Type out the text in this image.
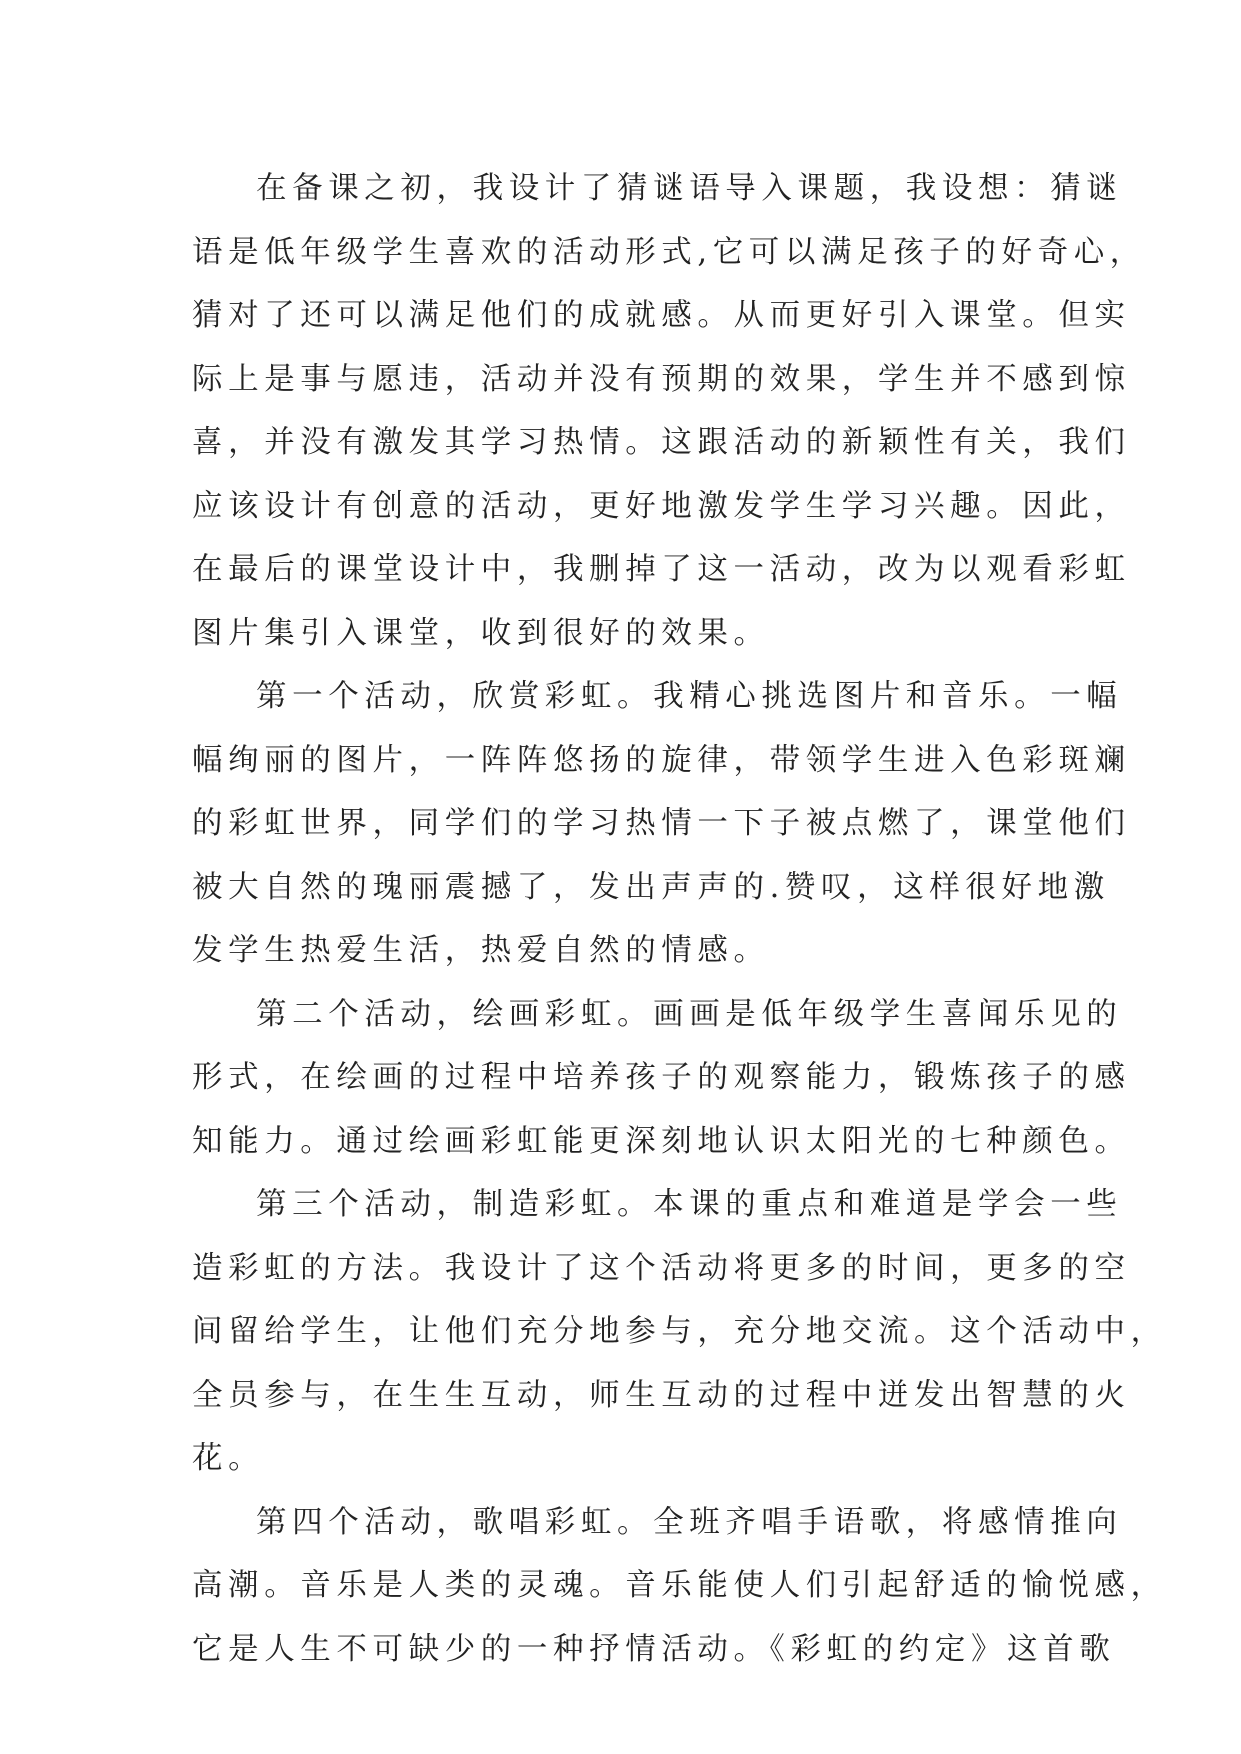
在备课之初，我设计了猜谜语导入课题，我设想：猜谜
语是低年级学生喜欢的活动形式,它可以满足孩子的好奇心，
猜对了还可以满足他们的成就感。从而更好引入课堂。但实
际上是事与愿违，活动并没有预期的效果，学生并不感到惊
喜，并没有激发其学习热情。这跟活动的新颖性有关，我们
应该设计有创意的活动，更好地激发学生学习兴趣。因此，
在最后的课堂设计中，我删掉了这一活动，改为以观看彩虹
图片集引入课堂，收到很好的效果。
第一个活动，欣赏彩虹。我精心挑选图片和音乐。一幅
幅绚丽的图片，一阵阵悠扬的旋律，带领学生进入色彩斑斓
的彩虹世界，同学们的学习热情一下子被点燃了，课堂他们
被大自然的瑰丽震撼了，发出声声的.赞叹，这样很好地激
发学生热爱生活，热爱自然的情感。
第二个活动，绘画彩虹。画画是低年级学生喜闻乐见的
形式，在绘画的过程中培养孩子的观察能力，锻炼孩子的感
知能力。通过绘画彩虹能更深刻地认识太阳光的七种颜色。
第三个活动，制造彩虹。本课的重点和难道是学会一些
造彩虹的方法。我设计了这个活动将更多的时间，更多的空
间留给学生，让他们充分地参与，充分地交流。这个活动中，
全员参与，在生生互动，师生互动的过程中迸发出智慧的火
花。
第四个活动，歌唱彩虹。全班齐唱手语歌，将感情推向
高潮。音乐是人类的灵魂。音乐能使人们引起舒适的愉悦感，
它是人生不可缺少的一种抒情活动。《彩虹的约定》这首歌
